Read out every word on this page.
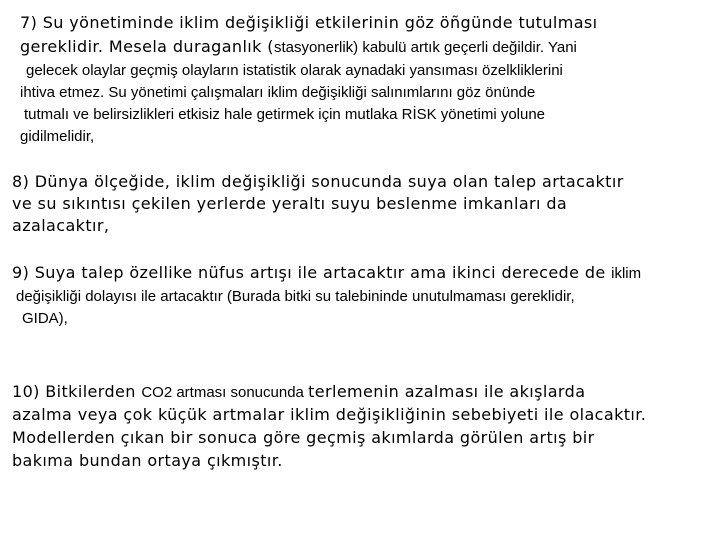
7) Su yönetiminde iklim değişikliği etkilerinin göz öñgünde tutulması
gereklidir. Mesela duraganlık (stasyonerlik) kabulü artık geçerli değildir. Yani
gelecek olaylar geçmiş olayların istatistik olarak aynadaki yansıması özelkliklerini
ihtiva etmez. Su yönetimi çalışmaları iklim değişikliği salınımlarını göz önünde
tutmalı ve belirsizlikleri etkisiz hale getirmek için mutlaka RİSK yönetimi yolune
gidilmelidir,
8) Dünya ölçeğide, iklim değişikliği sonucunda suya olan talep artacaktır
ve su sıkıntısı çekilen yerlerde yeraltı suyu beslenme imkanları da
azalacaktır,
9) Suya talep özellike nüfus artışı ile artacaktır ama ikinci derecede de iklim
değişikliği dolayısı ile artacaktır (Burada bitki su talebininde unutulmaması gereklidir,
GIDA),
10) Bitkilerden CO2 artması sonucunda terlemenin azalması ile akışlarda
azalma veya çok küçük artmalar iklim değişikliğinin sebebiyeti ile olacaktır.
Modellerden çıkan bir sonuca göre geçmiş akımlarda görülen artış bir
bakıma bundan ortaya çıkmıştır.
